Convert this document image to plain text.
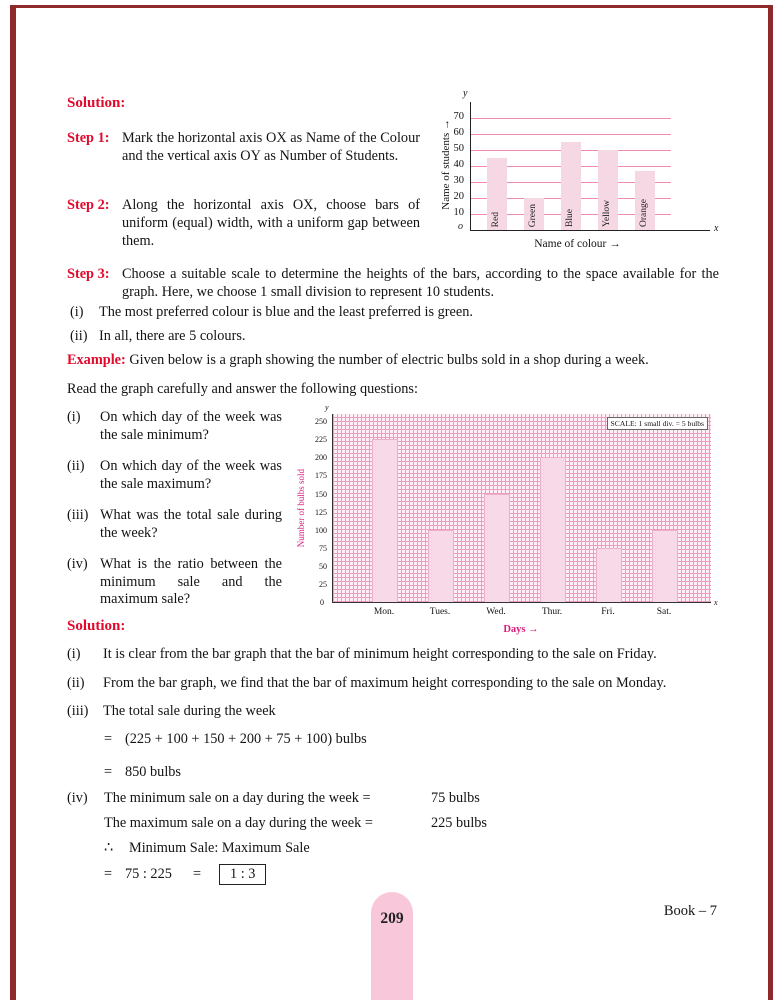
Solution:
Step 1: Mark the horizontal axis OX as Name of the Colour and the vertical axis OY as Number of Students.
Step 2: Along the horizontal axis OX, choose bars of uniform (equal) width, with a uniform gap between them.
Step 3: Choose a suitable scale to determine the heights of the bars, according to the space available for the graph. Here, we choose 1 small division to represent 10 students.
Name of students →
y
Red	Green	Blue	Yellow	Orange
o	x
Name of colour →
10
20
30
40
50
60
70
(i)	The most preferred colour is blue and the least preferred is green.
(ii) In all, there are 5 colours.
Example: Given below is a graph showing the number of electric bulbs sold in a shop during a week.
Read the graph carefully and answer the following questions:
(i)	On which day of the week was the sale minimum?
(ii)	On which day of the week was the sale maximum?
(iii) What was the total sale during the week?
(iv) What is the ratio between the minimum sale and the maximum sale?
Number of bulbs sold
y
SCALE: 1 small div. = 5 bulbs
0	x
Days →
25
50
75
100
125
150
175
200
225
250
Mon.	Tues.	Wed.	Thur.	Fri.	Sat.
Solution:
(i)	It is clear from the bar graph that the bar of minimum height corresponding to the sale on Friday.
(ii)	From the bar graph, we find that the bar of maximum height corresponding to the sale on Monday.
(iii)	The total sale during the week
= (225 + 100 + 150 + 200 + 75 + 100) bulbs
= 850 bulbs
(iv)	The minimum sale on a day during the week =	75 bulbs
The maximum sale on a day during the week =	225 bulbs
∴	Minimum Sale: Maximum Sale
= 75 : 225	=	1 : 3
209	Book – 7
